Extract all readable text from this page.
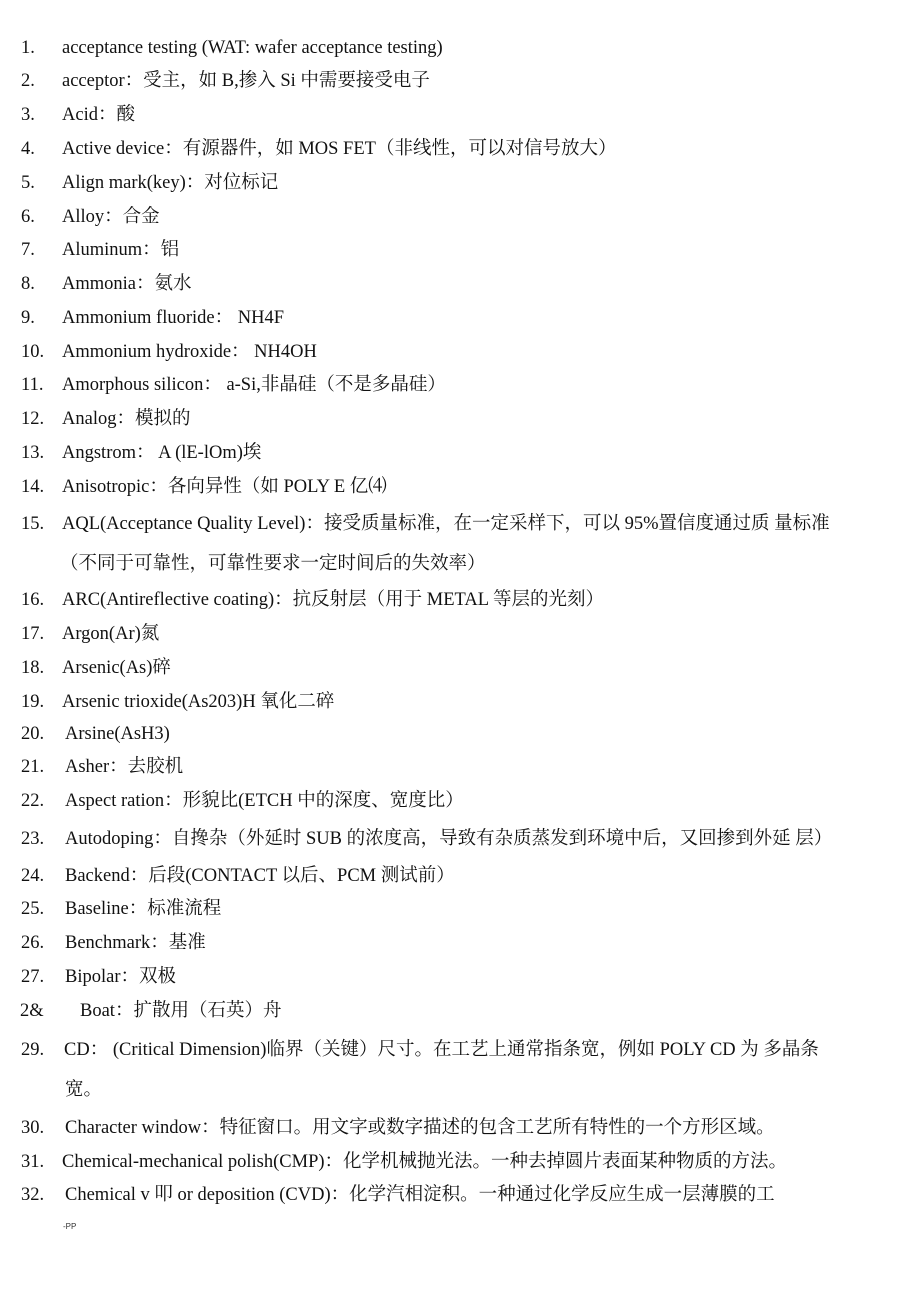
1. acceptance testing (WAT: wafer acceptance testing)
2. acceptor：受主，如 B,掺入 Si 中需要接受电子
3. Acid：酸
4. Active device：有源器件，如 MOS FET（非线性，可以对信号放大）
5. Align mark(key)：对位标记
6. Alloy：合金
7. Aluminum：铝
8. Ammonia：氨水
9. Ammonium fluoride： NH4F
10. Ammonium hydroxide： NH4OH
11. Amorphous silicon： a-Si,非晶硅（不是多晶硅）
12. Analog：模拟的
13. Angstrom： A (lE-lOm)埃
14. Anisotropic：各向异性（如 POLY E 亿⑷
15. AQL(Acceptance Quality Level)：接受质量标准，在一定采样下，可以 95%置信度通过质 量标准
（不同于可靠性，可靠性要求一定时间后的失效率）
16. ARC(Antireflective coating)：抗反射层（用于 METAL 等层的光刻）
17. Argon(Ar)氮
18. Arsenic(As)碎
19. Arsenic trioxide(As203)H 氧化二碎
20. Arsine(AsH3)
21. Asher：去胶机
22. Aspect ration：形貌比(ETCH 中的深度、宽度比）
23. Autodoping：自搀杂（外延时 SUB 的浓度高，导致有杂质蒸发到环境中后，又回掺到外延 层）
24. Backend：后段(CONTACT 以后、PCM 测试前）
25. Baseline：标准流程
26. Benchmark：基准
27. Bipolar：双极
2& Boat：扩散用（石英）舟
29. CD： (Critical Dimension)临界（关键）尺寸。在工艺上通常指条宽，例如 POLY CD 为 多晶条
宽。
30. Character window：特征窗口。用文字或数字描述的包含工艺所有特性的一个方形区域。
31. Chemical-mechanical polish(CMP)：化学机械抛光法。一种去掉圆片表面某种物质的方法。
32. Chemical v 叩 or deposition (CVD)：化学汽相淀积。一种通过化学反应生成一层薄膜的工
-PP
